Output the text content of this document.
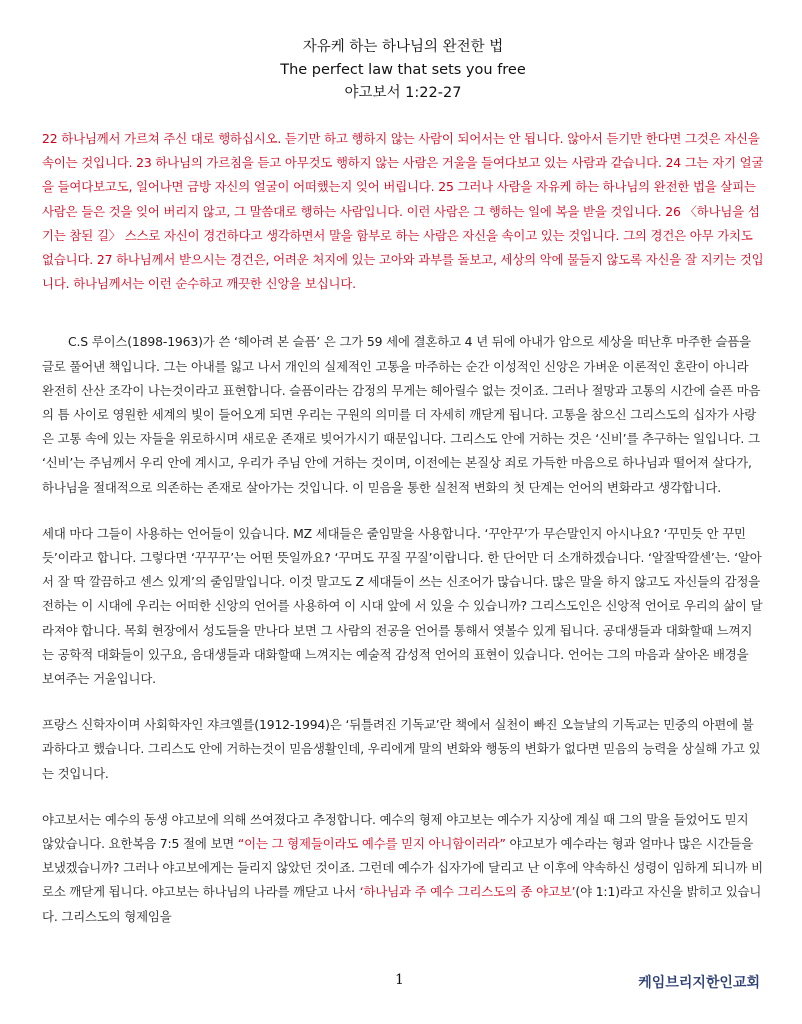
자유케 하는 하나님의 완전한 법
The perfect law that sets you free
야고보서 1:22-27

22 하나님께서 가르쳐 주신 대로 행하십시오. 듣기만 하고 행하지 않는 사람이 되어서는 안 됩니다. 않아서 듣기만 한다면 그것은 자신을 속이는 것입니다. 23 하나님의 가르침을 듣고 아무것도 행하지 않는 사람은 거울을 들여다보고 있는 사람과 같습니다. 24 그는 자기 얼굴을 들여다보고도, 일어나면 금방 자신의 얼굴이 어떠했는지 잊어 버립니다. 25 그러나 사람을 자유케 하는 하나님의 완전한 법을 살피는 사람은 들은 것을 잊어 버리지 않고, 그 말씀대로 행하는 사람입니다. 이런 사람은 그 행하는 일에 복을 받을 것입니다. 26 〈하나님을 섬기는 참된 길〉 스스로 자신이 경건하다고 생각하면서 말을 함부로 하는 사람은 자신을 속이고 있는 것입니다. 그의 경건은 아무 가치도 없습니다. 27 하나님께서 받으시는 경건은, 어려운 처지에 있는 고아와 과부를 돌보고, 세상의 악에 물들지 않도록 자신을 잘 지키는 것입니다. 하나님께서는 이런 순수하고 깨끗한 신앙을 보십니다.

C.S 루이스(1898-1963)가 쓴 ‘헤아려 본 슬픔’ 은 그가 59 세에 결혼하고 4 년 뒤에 아내가 암으로 세상을 떠난후 마주한 슬픔을 글로 풀어낸 책입니다. 그는 아내를 잃고 나서 개인의 실제적인 고통을 마주하는 순간 이성적인 신앙은 가벼운 이론적인 혼란이 아니라 완전히 산산 조각이 나는것이라고 표현합니다. 슬픔이라는 감정의 무게는 헤아릴수 없는 것이죠. 그러나 절망과 고통의 시간에 슬픈 마음의 틈 사이로 영원한 세계의 빛이 들어오게 되면 우리는 구원의 의미를 더 자세히 깨닫게 됩니다. 고통을 참으신 그리스도의 십자가 사랑은 고통 속에 있는 자들을 위로하시며 새로운 존재로 빚어가시기 때문입니다. 그리스도 안에 거하는 것은 ‘신비’를 추구하는 일입니다. 그 ‘신비’는 주님께서 우리 안에 계시고, 우리가 주님 안에 거하는 것이며, 이전에는 본질상 죄로 가득한 마음으로 하나님과 떨어져 살다가, 하나님을 절대적으로 의존하는 존재로 살아가는 것입니다. 이 믿음을 통한 실천적 변화의 첫 단계는 언어의 변화라고 생각합니다.

세대 마다 그들이 사용하는 언어들이 있습니다. MZ 세대들은 줄임말을 사용합니다. ‘꾸안꾸’가 무슨말인지 아시나요? ‘꾸민듯 안 꾸민듯’이라고 합니다. 그렇다면 ‘꾸꾸꾸’는 어떤 뜻일까요? ‘꾸며도 꾸질 꾸질’이랍니다. 한 단어만 더 소개하겠습니다. ‘알잘딱깔센’는. ‘알아서 잘 딱 깔끔하고 센스 있게’의 줄임말입니다. 이것 말고도 Z 세대들이 쓰는 신조어가 많습니다. 많은 말을 하지 않고도 자신들의 감정을 전하는 이 시대에 우리는 어떠한 신앙의 언어를 사용하여 이 시대 앞에 서 있을 수 있습니까? 그리스도인은 신앙적 언어로 우리의 삶이 달라져야 합니다. 목회 현장에서 성도들을 만나다 보면 그 사람의 전공을 언어를 통해서 엿볼수 있게 됩니다. 공대생들과 대화할때 느껴지는 공학적 대화들이 있구요, 음대생들과 대화할때 느껴지는 예술적 감성적 언어의 표현이 있습니다. 언어는 그의 마음과 살아온 배경을 보여주는 거울입니다.

프랑스 신학자이며 사회학자인 쟈크엘를(1912-1994)은 ‘뒤틀려진 기독교’란 책에서 실천이 빠진 오늘날의 기독교는 민중의 아편에 불과하다고 했습니다. 그리스도 안에 거하는것이 믿음생활인데, 우리에게 말의 변화와 행동의 변화가 없다면 믿음의 능력을 상실해 가고 있는 것입니다.

야고보서는 예수의 동생 야고보에 의해 쓰여졌다고 추정합니다. 예수의 형제 야고보는 예수가 지상에 계실 때 그의 말을 들었어도 믿지 않았습니다. 요한복음 7:5 절에 보면 “이는 그 형제들이라도 예수를 믿지 아니함이러라” 야고보가 예수라는 형과 얼마나 많은 시간들을 보냈겠습니까? 그러나 야고보에게는 들리지 않았던 것이죠. 그런데 예수가 십자가에 달리고 난 이후에 약속하신 성령이 임하게 되니까 비로소 깨닫게 됩니다. 야고보는 하나님의 나라를 깨닫고 나서 ‘하나님과 주 예수 그리스도의 종 야고보’(야 1:1)라고 자신을 밝히고 있습니다. 그리스도의 형제임을

1	케임브리지한인교회
